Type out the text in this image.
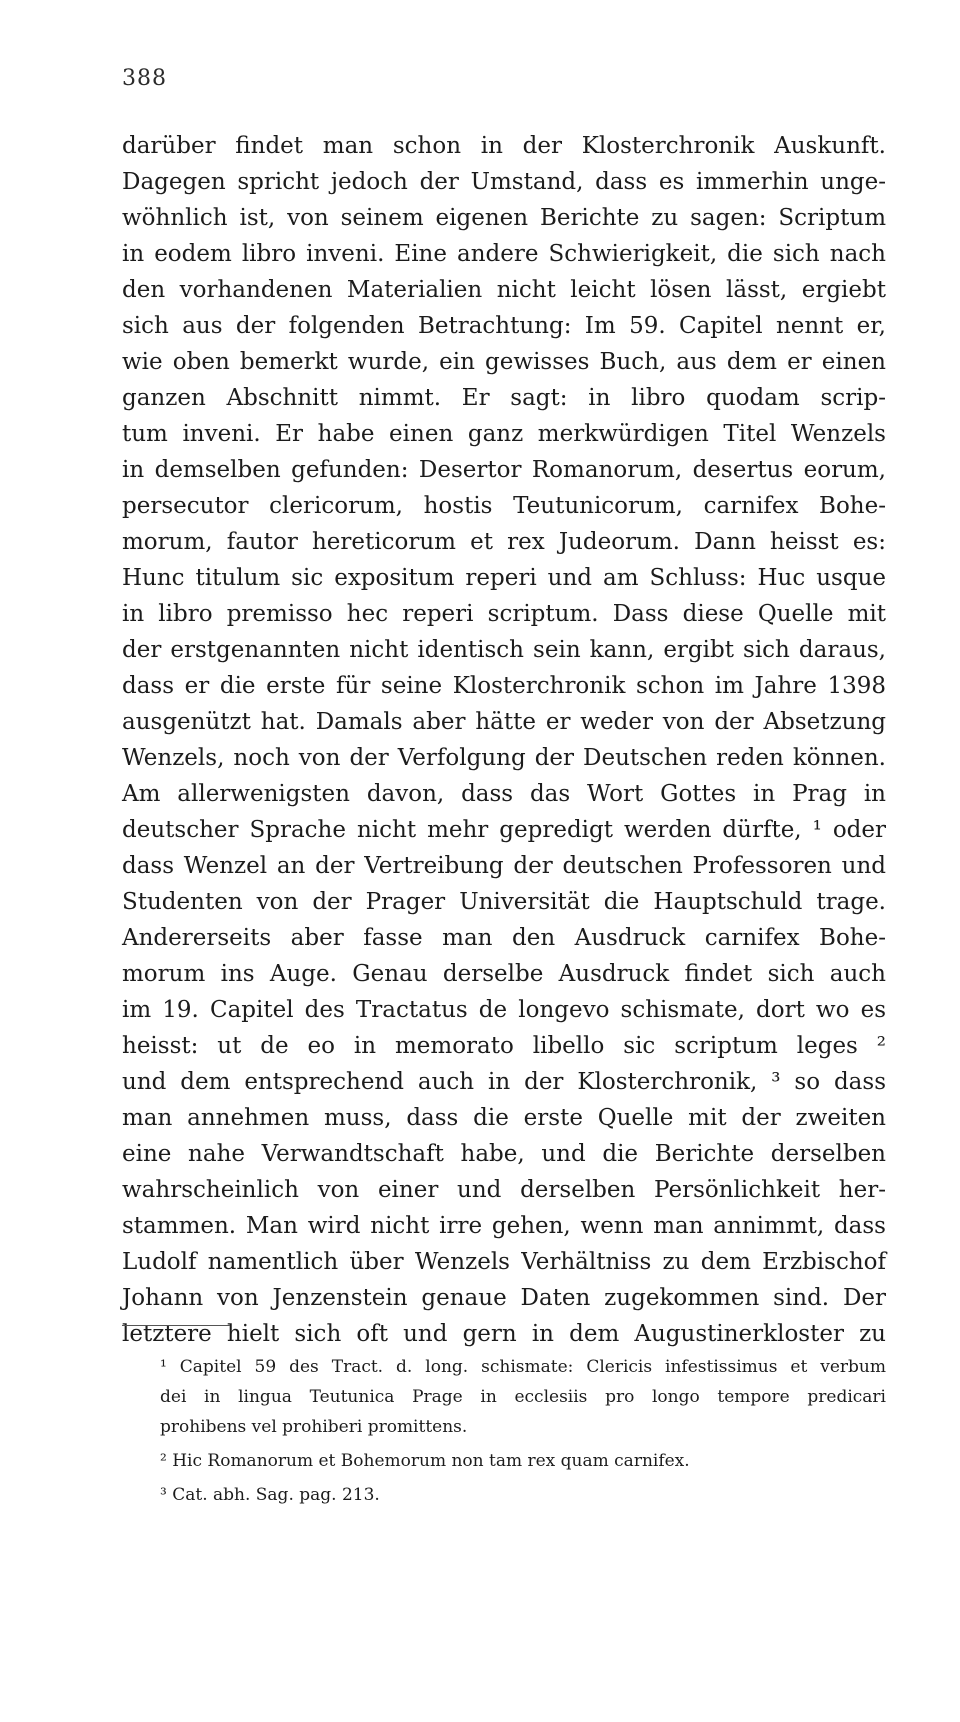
388
darüber findet man schon in der Klosterchronik Auskunft.
Dagegen spricht jedoch der Umstand, dass es immerhin unge-
wöhnlich ist, von seinem eigenen Berichte zu sagen: Scriptum
in eodem libro inveni. Eine andere Schwierigkeit, die sich nach
den vorhandenen Materialien nicht leicht lösen lässt, ergiebt
sich aus der folgenden Betrachtung: Im 59. Capitel nennt er,
wie oben bemerkt wurde, ein gewisses Buch, aus dem er einen
ganzen Abschnitt nimmt. Er sagt: in libro quodam scrip-
tum inveni. Er habe einen ganz merkwürdigen Titel Wenzels
in demselben gefunden: Desertor Romanorum, desertus eorum,
persecutor clericorum, hostis Teutunicorum, carnifex Bohe-
morum, fautor hereticorum et rex Judeorum. Dann heisst es:
Hunc titulum sic expositum reperi und am Schluss: Huc usque
in libro premisso hec reperi scriptum. Dass diese Quelle mit
der erstgenannten nicht identisch sein kann, ergibt sich daraus,
dass er die erste für seine Klosterchronik schon im Jahre 1398
ausgenützt hat. Damals aber hätte er weder von der Absetzung
Wenzels, noch von der Verfolgung der Deutschen reden können.
Am allerwenigsten davon, dass das Wort Gottes in Prag in
deutscher Sprache nicht mehr gepredigt werden dürfte, ¹ oder
dass Wenzel an der Vertreibung der deutschen Professoren und
Studenten von der Prager Universität die Hauptschuld trage.
Andererseits aber fasse man den Ausdruck carnifex Bohe-
morum ins Auge. Genau derselbe Ausdruck findet sich auch
im 19. Capitel des Tractatus de longevo schismate, dort wo es
heisst: ut de eo in memorato libello sic scriptum leges ²
und dem entsprechend auch in der Klosterchronik, ³ so dass
man annehmen muss, dass die erste Quelle mit der zweiten
eine nahe Verwandtschaft habe, und die Berichte derselben
wahrscheinlich von einer und derselben Persönlichkeit her-
stammen. Man wird nicht irre gehen, wenn man annimmt, dass
Ludolf namentlich über Wenzels Verhältniss zu dem Erzbischof
Johann von Jenzenstein genaue Daten zugekommen sind. Der
letztere hielt sich oft und gern in dem Augustinerkloster zu
¹ Capitel 59 des Tract. d. long. schismate: Clericis infestissimus et verbum
dei in lingua Teutunica Prage in ecclesiis pro longo tempore predicari
prohibens vel prohiberi promittens.
² Hic Romanorum et Bohemorum non tam rex quam carnifex.
³ Cat. abh. Sag. pag. 213.
